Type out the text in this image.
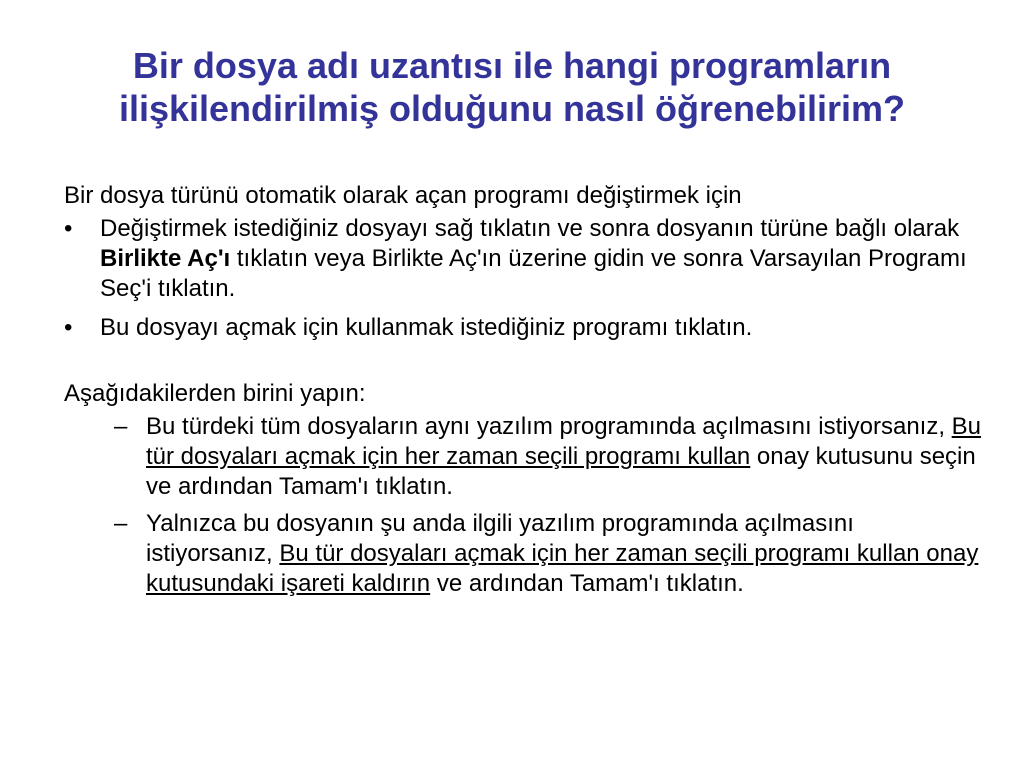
Bir dosya adı uzantısı ile hangi programların
ilişkilendirilmiş olduğunu nasıl öğrenebilirim?

Bir dosya türünü otomatik olarak açan programı değiştirmek için

•	Değiştirmek istediğiniz dosyayı sağ tıklatın ve sonra dosyanın türüne bağlı olarak Birlikte Aç'ı tıklatın veya Birlikte Aç'ın üzerine gidin ve sonra Varsayılan Programı Seç'i tıklatın.
•	Bu dosyayı açmak için kullanmak istediğiniz programı tıklatın.

Aşağıdakilerden birini yapın:

– Bu türdeki tüm dosyaların aynı yazılım programında açılmasını istiyorsanız, Bu tür dosyaları açmak için her zaman seçili programı kullan onay kutusunu seçin ve ardından Tamam'ı tıklatın.
– Yalnızca bu dosyanın şu anda ilgili yazılım programında açılmasını istiyorsanız, Bu tür dosyaları açmak için her zaman seçili programı kullan onay kutusundaki işareti kaldırın ve ardından Tamam'ı tıklatın.
